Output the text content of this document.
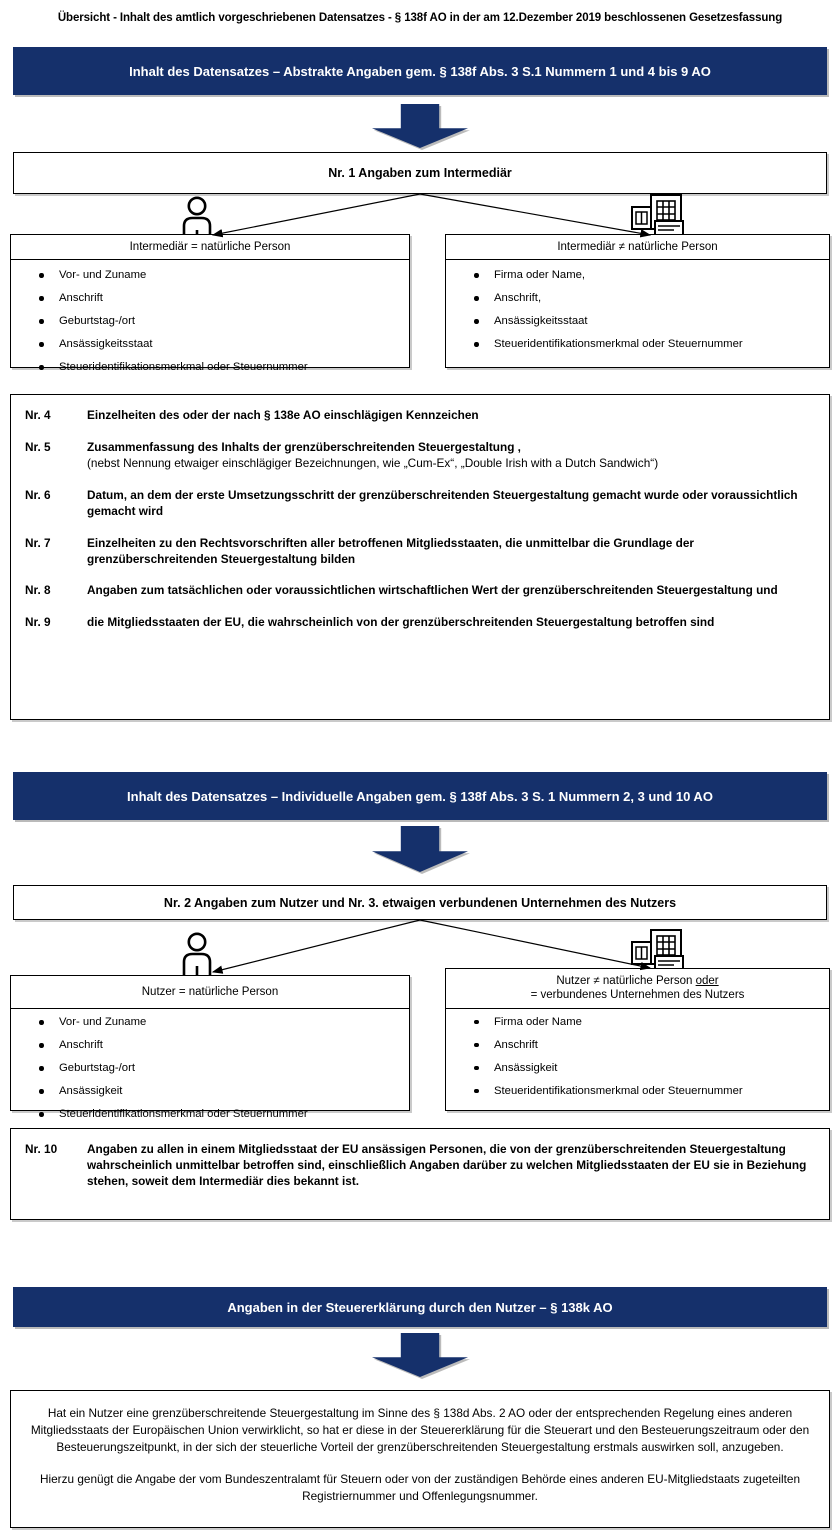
Übersicht - Inhalt des amtlich vorgeschriebenen Datensatzes - § 138f AO in der am 12.Dezember 2019 beschlossenen Gesetzesfassung
Inhalt des Datensatzes – Abstrakte Angaben gem. § 138f Abs. 3 S.1 Nummern 1 und 4 bis 9 AO
Nr. 1 Angaben zum Intermediär
Intermediär = natürliche Person
Vor- und Zuname
Anschrift
Geburtstag-/ort
Ansässigkeitsstaat
Steueridentifikationsmerkmal oder Steuernummer
Intermediär ≠ natürliche Person
Firma oder Name,
Anschrift,
Ansässigkeitsstaat
Steueridentifikationsmerkmal oder Steuernummer
Nr. 4	Einzelheiten des oder der nach § 138e AO einschlägigen Kennzeichen
Nr. 5	Zusammenfassung des Inhalts der grenzüberschreitenden Steuergestaltung ,
(nebst Nennung etwaiger einschlägiger Bezeichnungen, wie „Cum-Ex“, „Double Irish with a Dutch Sandwich“)
Nr. 6	Datum, an dem der erste Umsetzungsschritt der grenzüberschreitenden Steuergestaltung gemacht wurde oder voraussichtlich gemacht wird
Nr. 7	Einzelheiten zu den Rechtsvorschriften aller betroffenen Mitgliedsstaaten, die unmittelbar die Grundlage der grenzüberschreitenden Steuergestaltung bilden
Nr. 8	Angaben zum tatsächlichen oder voraussichtlichen wirtschaftlichen Wert der grenzüberschreitenden Steuergestaltung und
Nr. 9	die Mitgliedsstaaten der EU, die wahrscheinlich von der grenzüberschreitenden Steuergestaltung betroffen sind
Inhalt des Datensatzes – Individuelle Angaben gem. § 138f Abs. 3 S. 1 Nummern 2, 3 und 10 AO
Nr. 2 Angaben zum Nutzer und Nr. 3. etwaigen verbundenen Unternehmen des Nutzers
Nutzer = natürliche Person
Vor- und Zuname
Anschrift
Geburtstag-/ort
Ansässigkeit
Steueridentifikationsmerkmal oder Steuernummer
Nutzer ≠ natürliche Person oder
= verbundenes Unternehmen des Nutzers
Firma oder Name
Anschrift
Ansässigkeit
Steueridentifikationsmerkmal oder Steuernummer
Nr. 10	Angaben zu allen in einem Mitgliedsstaat der EU ansässigen Personen, die von der grenzüberschreitenden Steuergestaltung wahrscheinlich unmittelbar betroffen sind, einschließlich Angaben darüber zu welchen Mitgliedsstaaten der EU sie in Beziehung stehen, soweit dem Intermediär dies bekannt ist.
Angaben in der Steuererklärung durch den Nutzer – § 138k AO

Hat ein Nutzer eine grenzüberschreitende Steuergestaltung im Sinne des § 138d Abs. 2 AO oder der entsprechenden Regelung eines anderen Mitgliedsstaats der Europäischen Union verwirklicht, so hat er diese in der Steuererklärung für die Steuerart und den Besteuerungszeitraum oder den Besteuerungszeitpunkt, in der sich der steuerliche Vorteil der grenzüberschreitenden Steuergestaltung erstmals auswirken soll, anzugeben.

Hierzu genügt die Angabe der vom Bundeszentralamt für Steuern oder von der zuständigen Behörde eines anderen EU-Mitgliedstaats zugeteilten Registriernummer und Offenlegungsnummer.
